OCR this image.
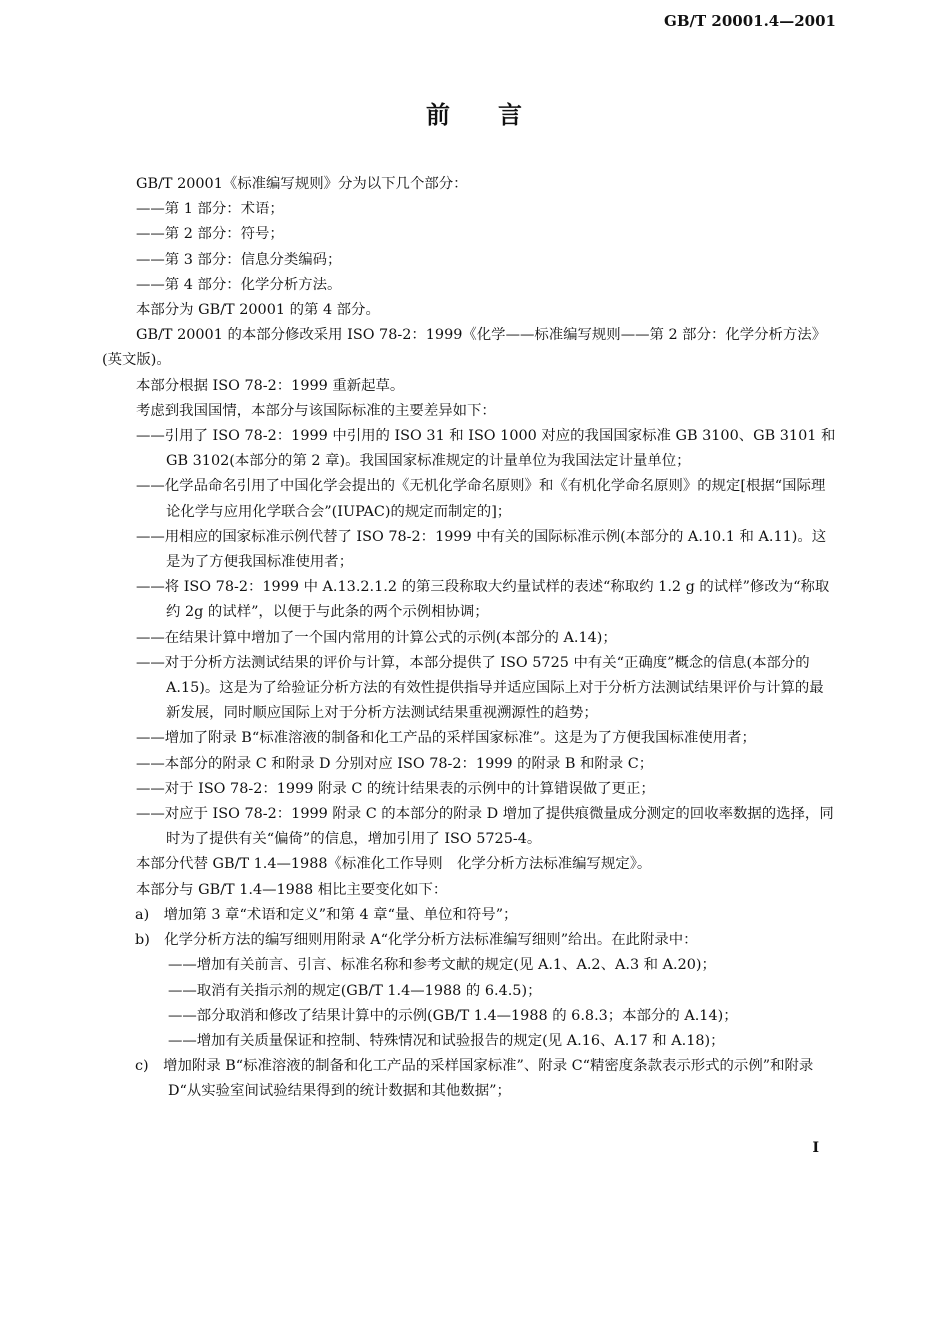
GB/T 20001.4—2001
前 言

GB/T 20001《标准编写规则》分为以下几个部分：

——第 1 部分：术语；

——第 2 部分：符号；

——第 3 部分：信息分类编码；

——第 4 部分：化学分析方法。

本部分为 GB/T 20001 的第 4 部分。

GB/T 20001 的本部分修改采用 ISO 78-2：1999《化学——标准编写规则——第 2 部分：化学分析方法》(英文版)。

本部分根据 ISO 78-2：1999 重新起草。

考虑到我国国情，本部分与该国际标准的主要差异如下：

——引用了 ISO 78-2：1999 中引用的 ISO 31 和 ISO 1000 对应的我国国家标准 GB 3100、GB 3101 和 GB 3102(本部分的第 2 章)。我国国家标准规定的计量单位为我国法定计量单位；

——化学品命名引用了中国化学会提出的《无机化学命名原则》和《有机化学命名原则》的规定[根据“国际理论化学与应用化学联合会”(IUPAC)的规定而制定的]；

——用相应的国家标准示例代替了 ISO 78-2：1999 中有关的国际标准示例(本部分的 A.10.1 和 A.11)。这是为了方便我国标准使用者；

——将 ISO 78-2：1999 中 A.13.2.1.2 的第三段称取大约量试样的表述“称取约 1.2 g 的试样”修改为“称取约 2g 的试样”，以便于与此条的两个示例相协调；

——在结果计算中增加了一个国内常用的计算公式的示例(本部分的 A.14)；

——对于分析方法测试结果的评价与计算，本部分提供了 ISO 5725 中有关“正确度”概念的信息(本部分的 A.15)。这是为了给验证分析方法的有效性提供指导并适应国际上对于分析方法测试结果评价与计算的最新发展，同时顺应国际上对于分析方法测试结果重视溯源性的趋势；

——增加了附录 B“标准溶液的制备和化工产品的采样国家标准”。这是为了方便我国标准使用者；

——本部分的附录 C 和附录 D 分别对应 ISO 78-2：1999 的附录 B 和附录 C；

——对于 ISO 78-2：1999 附录 C 的统计结果表的示例中的计算错误做了更正；

——对应于 ISO 78-2：1999 附录 C 的本部分的附录 D 增加了提供痕微量成分测定的回收率数据的选择，同时为了提供有关“偏倚”的信息，增加引用了 ISO 5725-4。

本部分代替 GB/T 1.4—1988《标准化工作导则　化学分析方法标准编写规定》。

本部分与 GB/T 1.4—1988 相比主要变化如下：

a)　增加第 3 章“术语和定义”和第 4 章“量、单位和符号”；

b)　化学分析方法的编写细则用附录 A“化学分析方法标准编写细则”给出。在此附录中：

——增加有关前言、引言、标准名称和参考文献的规定(见 A.1、A.2、A.3 和 A.20)；

——取消有关指示剂的规定(GB/T 1.4—1988 的 6.4.5)；

——部分取消和修改了结果计算中的示例(GB/T 1.4—1988 的 6.8.3；本部分的 A.14)；

——增加有关质量保证和控制、特殊情况和试验报告的规定(见 A.16、A.17 和 A.18)；

c)　增加附录 B“标准溶液的制备和化工产品的采样国家标准”、附录 C“精密度条款表示形式的示例”和附录 D“从实验室间试验结果得到的统计数据和其他数据”；

Ⅰ
